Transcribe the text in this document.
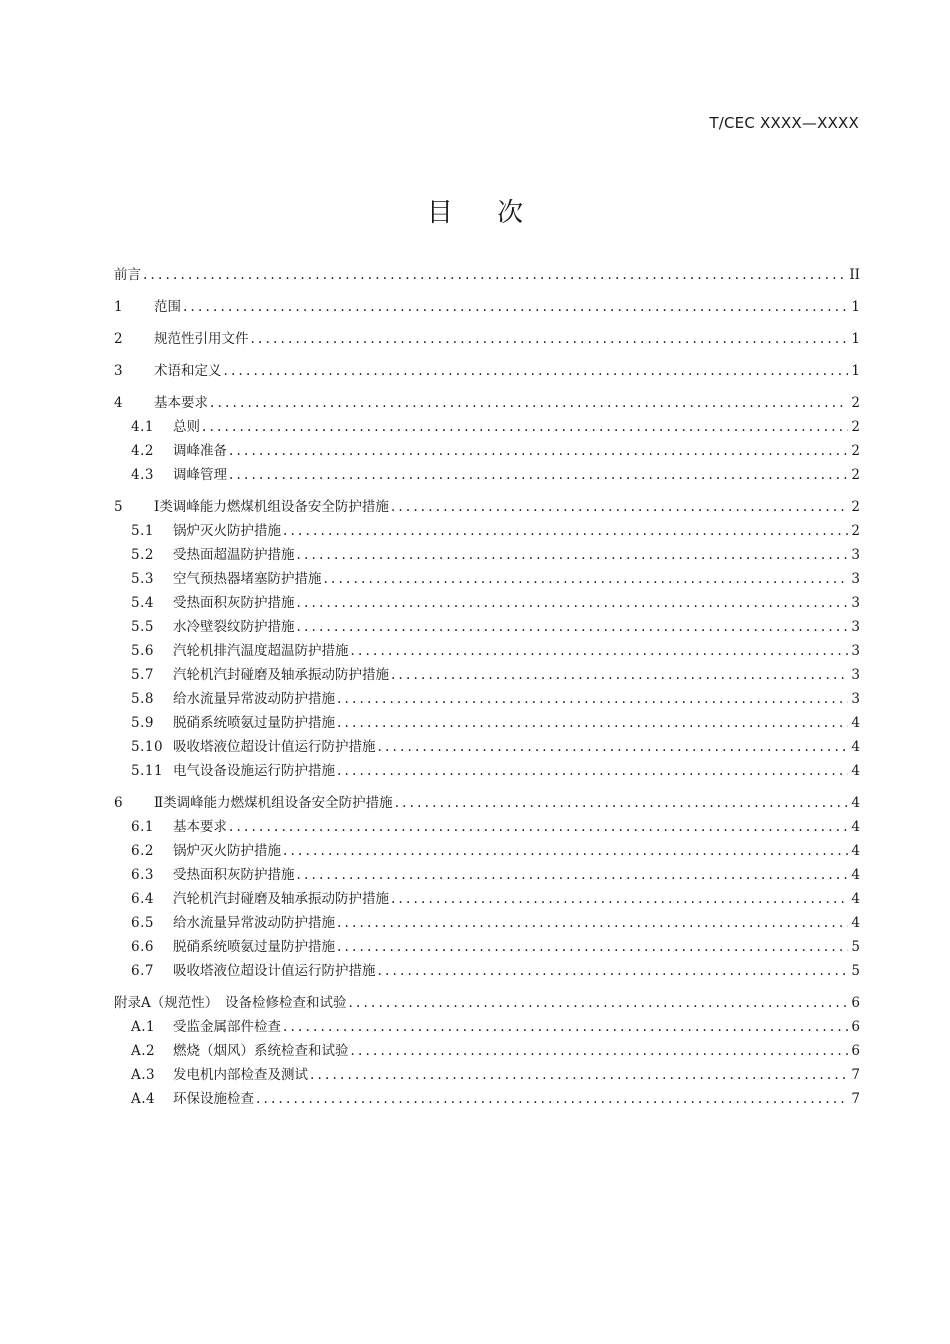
T/CEC XXXX—XXXX
目 次
前言 .....	II
1	范围 .....	1
2	规范性引用文件 .....	1
3	术语和定义 .....	1
4	基本要求 .....	2
4.1	总则 .....	2
4.2	调峰准备 .....	2
4.3	调峰管理 .....	2
5	Ⅰ类调峰能力燃煤机组设备安全防护措施 .....	2
5.1	锅炉灭火防护措施 .....	2
5.2	受热面超温防护措施 .....	3
5.3	空气预热器堵塞防护措施 .....	3
5.4	受热面积灰防护措施 .....	3
5.5	水冷壁裂纹防护措施 .....	3
5.6	汽轮机排汽温度超温防护措施 .....	3
5.7	汽轮机汽封碰磨及轴承振动防护措施 .....	3
5.8	给水流量异常波动防护措施 .....	3
5.9	脱硝系统喷氨过量防护措施 .....	4
5.10 吸收塔液位超设计值运行防护措施 .....	4
5.11 电气设备设施运行防护措施 .....	4
6	Ⅱ类调峰能力燃煤机组设备安全防护措施 .....	4
6.1	基本要求 .....	4
6.2	锅炉灭火防护措施 .....	4
6.3	受热面积灰防护措施 .....	4
6.4	汽轮机汽封碰磨及轴承振动防护措施 .....	4
6.5	给水流量异常波动防护措施 .....	4
6.6	脱硝系统喷氨过量防护措施 .....	5
6.7	吸收塔液位超设计值运行防护措施 .....	5
附录A（规范性）　设备检修检查和试验 .....	6
A.1	受监金属部件检查 .....	6
A.2	燃烧（烟风）系统检查和试验 .....	6
A.3	发电机内部检查及测试 .....	7
A.4	环保设施检查 .....	7
